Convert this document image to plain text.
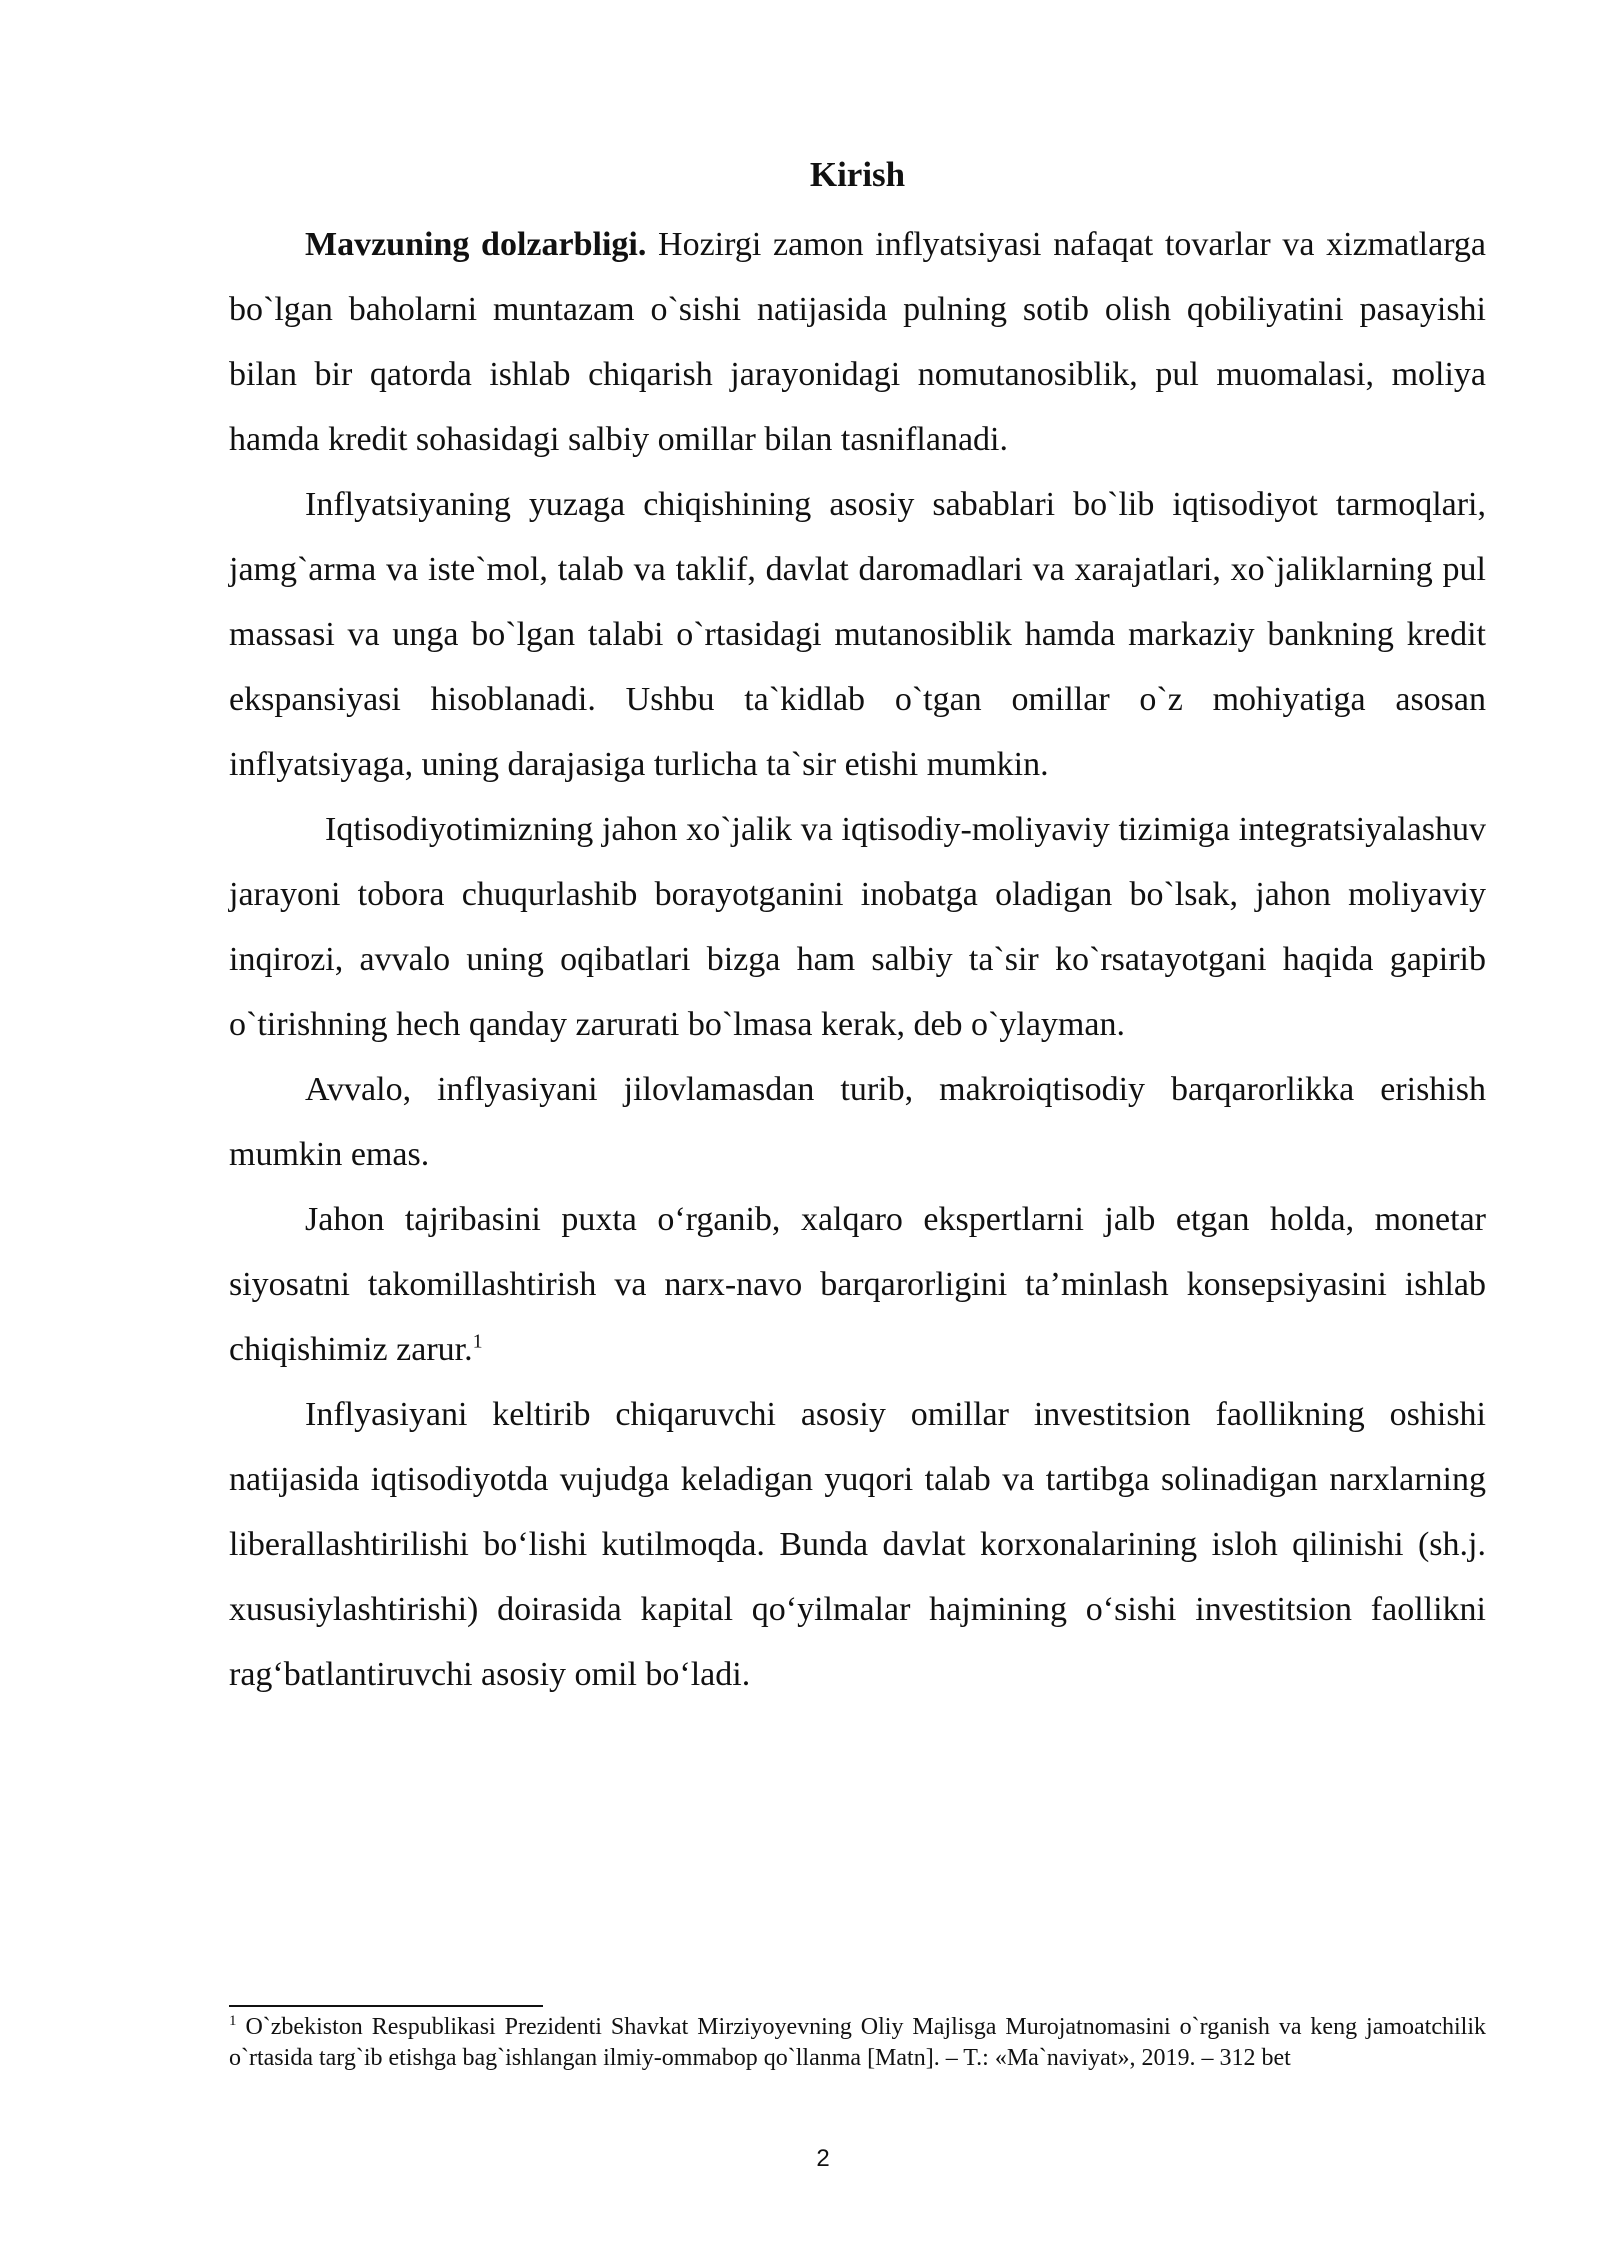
Kirish

Mavzuning dolzarbligi. Hozirgi zamon inflyatsiyasi nafaqat tovarlar va xizmatlarga bo`lgan baholarni muntazam o`sishi natijasida pulning sotib olish qobiliyatini pasayishi bilan bir qatorda ishlab chiqarish jarayonidagi nomutanosiblik, pul muomalasi, moliya hamda kredit sohasidagi salbiy omillar bilan tasniflanadi.

Inflyatsiyaning yuzaga chiqishining asosiy sabablari bo`lib iqtisodiyot tarmoqlari, jamg`arma va iste`mol, talab va taklif, davlat daromadlari va xarajatlari, xo`jaliklarning pul massasi va unga bo`lgan talabi o`rtasidagi mutanosiblik hamda markaziy bankning kredit ekspansiyasi hisoblanadi. Ushbu ta`kidlab o`tgan omillar o`z mohiyatiga asosan inflyatsiyaga, uning darajasiga turlicha ta`sir etishi mumkin.

Iqtisodiyotimizning jahon xo`jalik va iqtisodiy-moliyaviy tizimiga integratsiyalashuv jarayoni tobora chuqurlashib borayotganini inobatga oladigan bo`lsak, jahon moliyaviy inqirozi, avvalo uning oqibatlari bizga ham salbiy ta`sir ko`rsatayotgani haqida gapirib o`tirishning hech qanday zarurati bo`lmasa kerak, deb o`ylayman.

Avvalo, inflyasiyani jilovlamasdan turib, makroiqtisodiy barqarorlikka erishish mumkin emas.

Jahon tajribasini puxta o‘rganib, xalqaro ekspertlarni jalb etgan holda, monetar siyosatni takomillashtirish va narx-navo barqarorligini ta’minlash konsepsiyasini ishlab chiqishimiz zarur.$^1$

Inflyasiyani keltirib chiqaruvchi asosiy omillar investitsion faollikning oshishi natijasida iqtisodiyotda vujudga keladigan yuqori talab va tartibga solinadigan narxlarning liberallashtirilishi bo‘lishi kutilmoqda. Bunda davlat korxonalarining isloh qilinishi (sh.j. xususiylashtirishi) doirasida kapital qo‘yilmalar hajmining o‘sishi investitsion faollikni rag‘batlantiruvchi asosiy omil bo‘ladi.

$^1$ O`zbekiston Respublikasi Prezidenti Shavkat Mirziyoyevning Oliy Majlisga Murojatnomasini o`rganish va keng jamoatchilik o`rtasida targ`ib etishga bag`ishlangan ilmiy-ommabop qo`llanma [Matn]. – T.: «Ma`naviyat», 2019. – 312 bet

2
